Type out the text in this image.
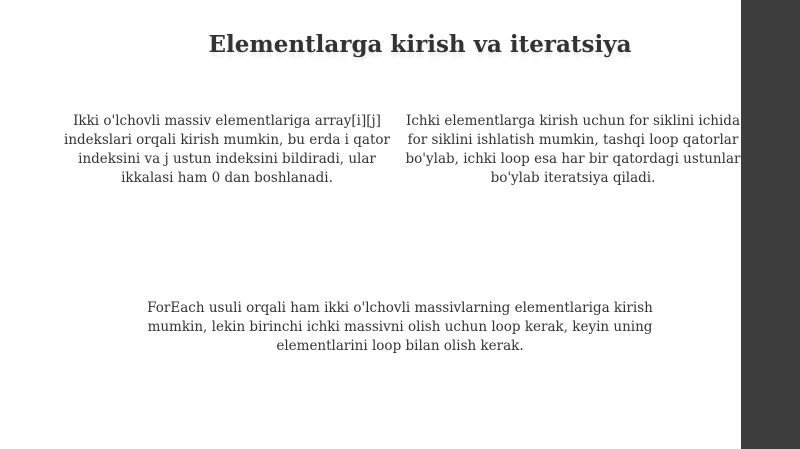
Elementlarga kirish va iteratsiya

Ikki o'lchovli massiv elementlariga array[i][j] indekslari orqali kirish mumkin, bu erda i qator indeksini va j ustun indeksini bildiradi, ular ikkalasi ham 0 dan boshlanadi.

Ichki elementlarga kirish uchun for siklini ichida for siklini ishlatish mumkin, tashqi loop qatorlar bo'ylab, ichki loop esa har bir qatordagi ustunlar bo'ylab iteratsiya qiladi.

ForEach usuli orqali ham ikki o'lchovli massivlarning elementlariga kirish mumkin, lekin birinchi ichki massivni olish uchun loop kerak, keyin uning elementlarini loop bilan olish kerak.
